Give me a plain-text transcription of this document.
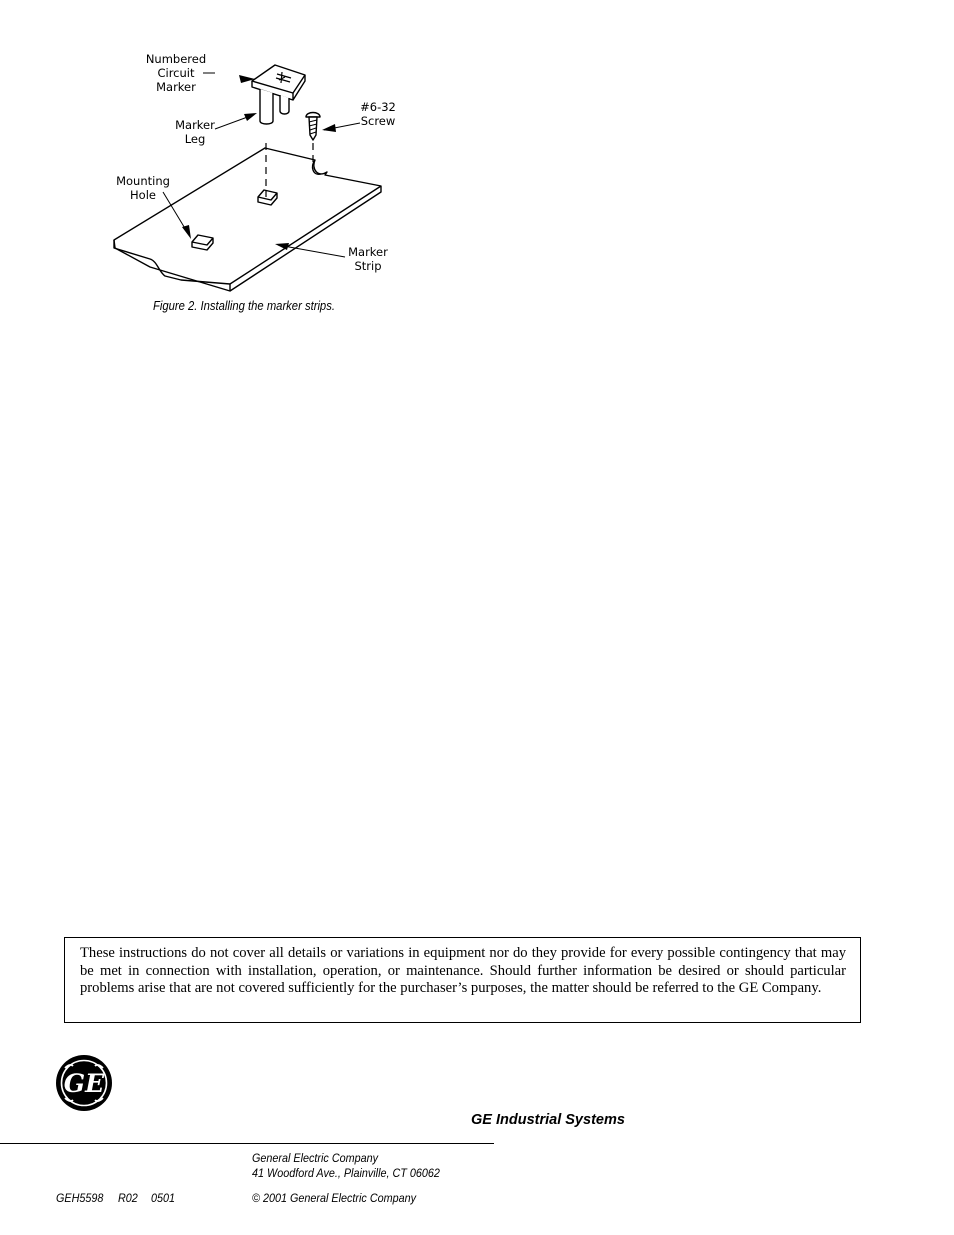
Numbered
Circuit
Marker
Marker
Leg
#6-32
Screw
Mounting
Hole
Marker
Strip
Figure 2. Installing the marker strips.

These instructions do not cover all details or variations in equipment nor do they provide for every possible contingency that may be met in connection with installation, operation, or maintenance. Should further information be desired or should particular problems arise that are not covered sufficiently for the purchaser’s purposes, the matter should be referred to the GE Company.

GE
GE Industrial Systems
General Electric Company
41 Woodford Ave., Plainville, CT 06062
GEH5598 R02 0501	© 2001 General Electric Company
